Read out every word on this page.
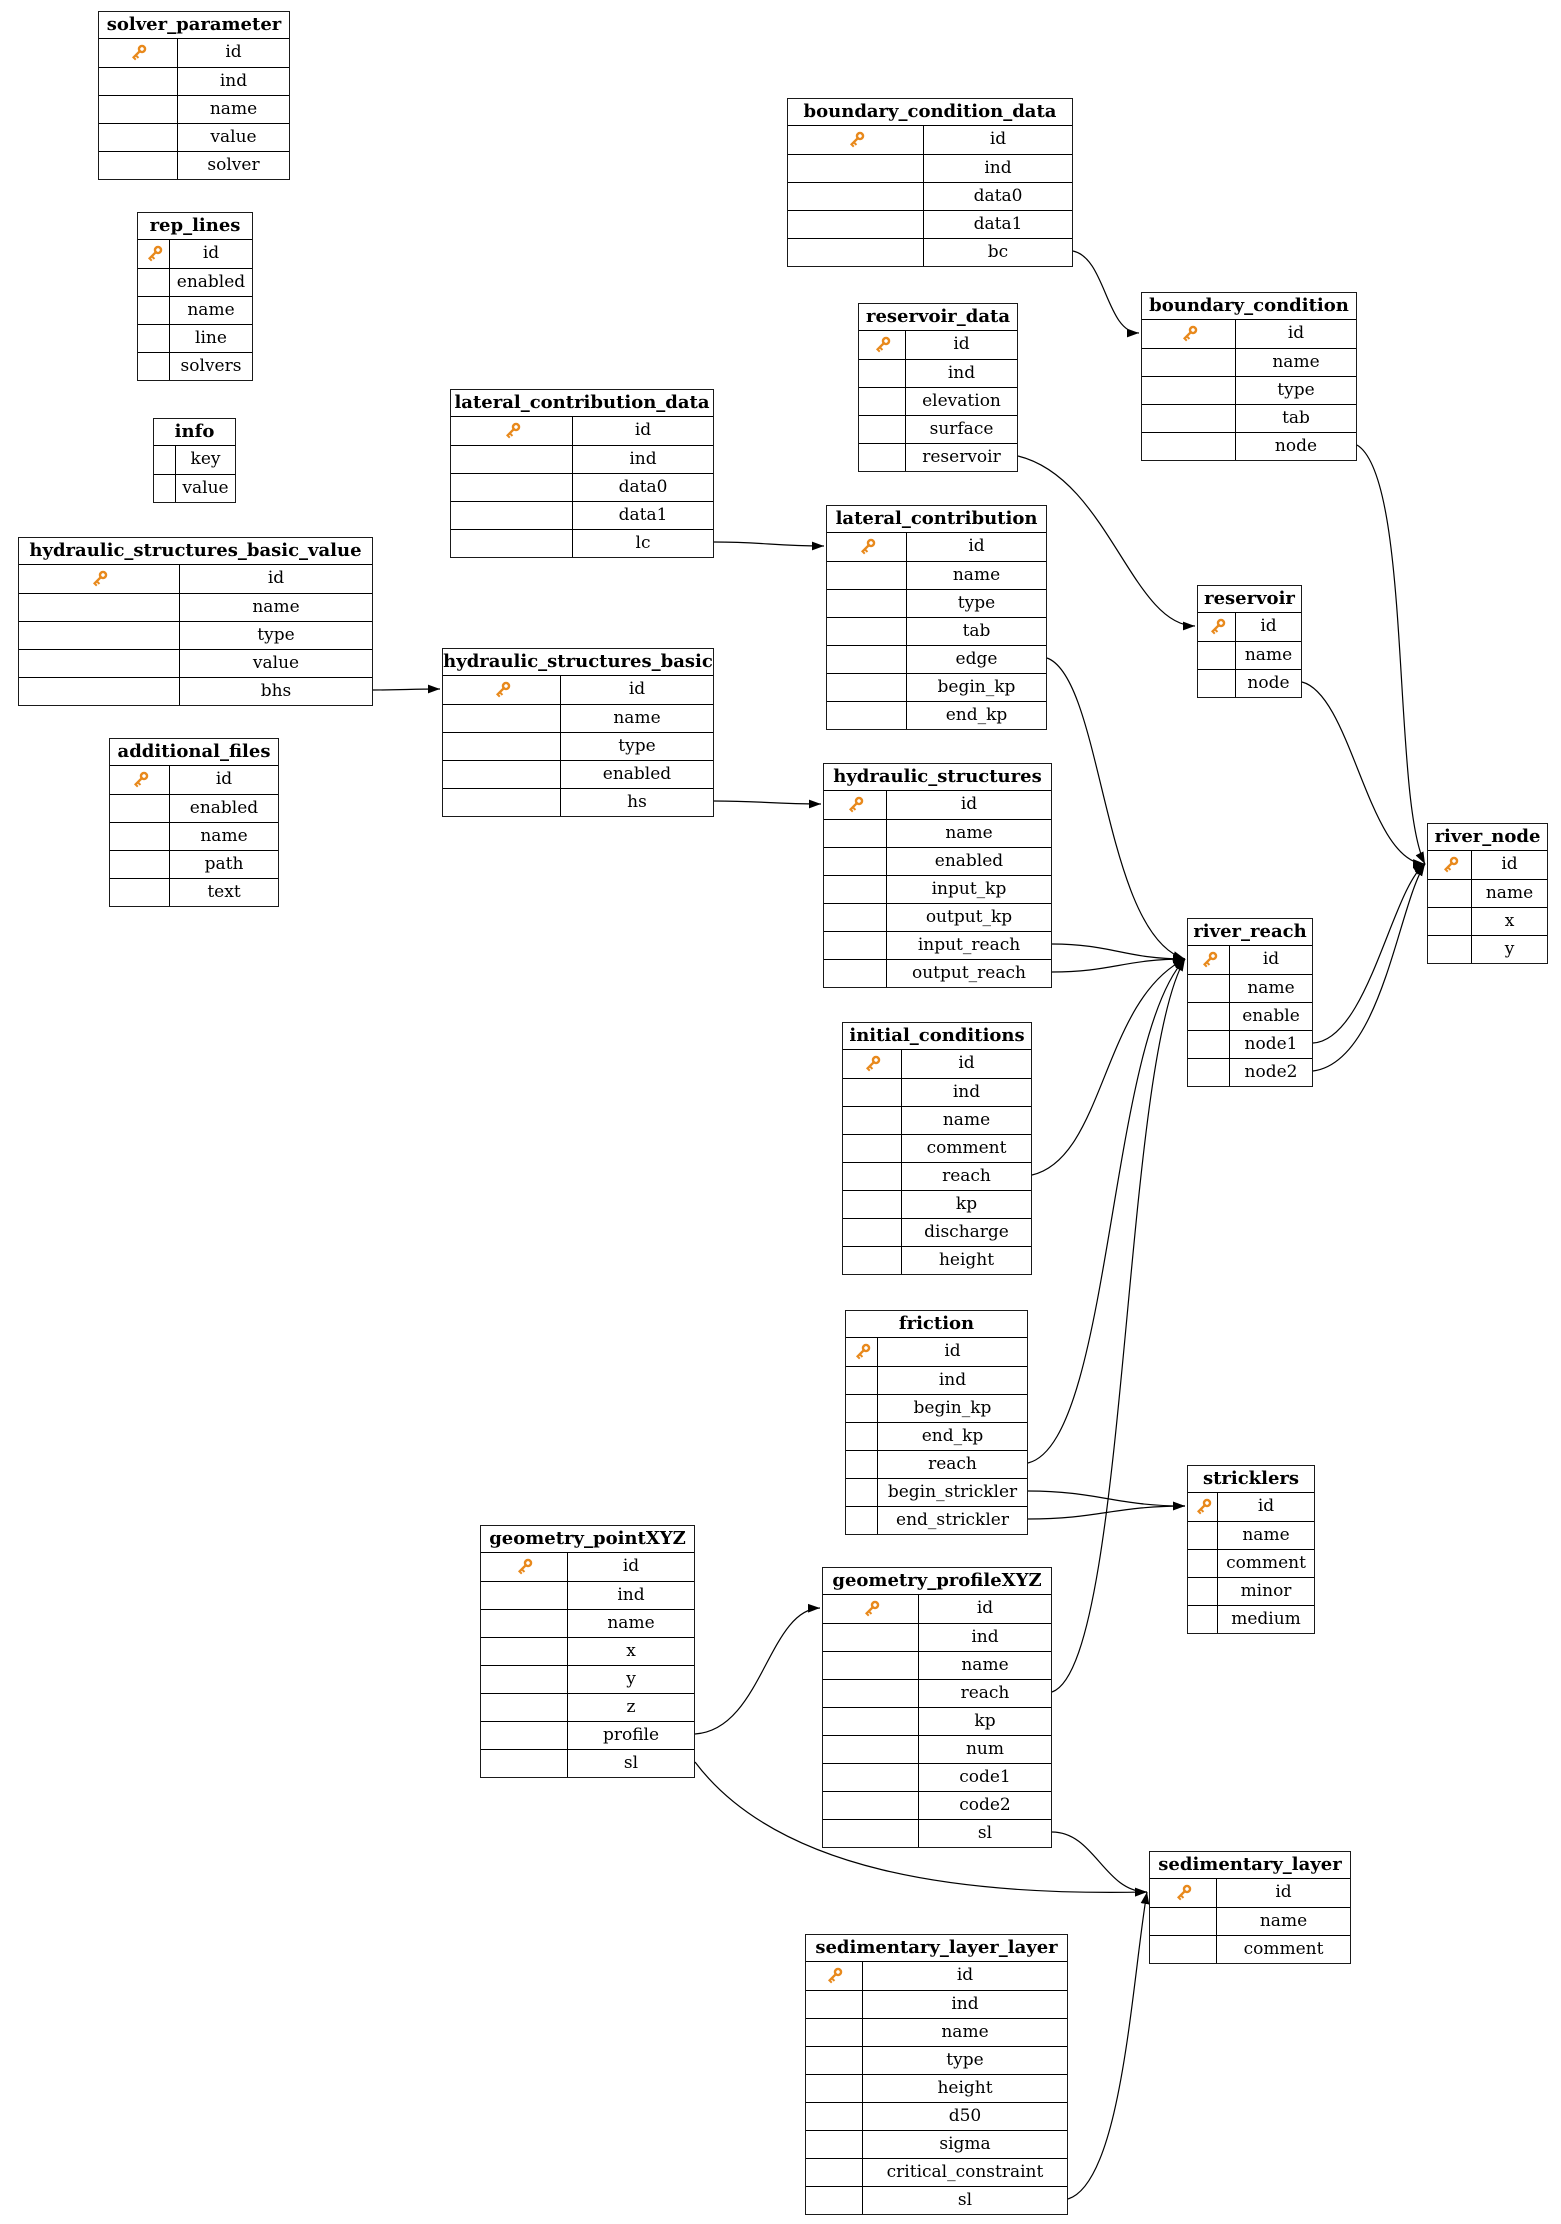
solver_parameter
id
ind
name
value
solver
rep_lines
id
enabled
name
line
solvers
info
key
value
hydraulic_structures_basic_value
id
name
type
value
bhs
additional_files
id
enabled
name
path
text
lateral_contribution_data
id
ind
data0
data1
lc
hydraulic_structures_basic
id
name
type
enabled
hs
boundary_condition_data
id
ind
data0
data1
bc
reservoir_data
id
ind
elevation
surface
reservoir
boundary_condition
id
name
type
tab
node
lateral_contribution
id
name
type
tab
edge
begin_kp
end_kp
reservoir
id
name
node
hydraulic_structures
id
name
enabled
input_kp
output_kp
input_reach
output_reach
river_reach
id
name
enable
node1
node2
river_node
id
name
x
y
initial_conditions
id
ind
name
comment
reach
kp
discharge
height
friction
id
ind
begin_kp
end_kp
reach
begin_strickler
end_strickler
stricklers
id
name
comment
minor
medium
geometry_pointXYZ
id
ind
name
x
y
z
profile
sl
geometry_profileXYZ
id
ind
name
reach
kp
num
code1
code2
sl
sedimentary_layer
id
name
comment
sedimentary_layer_layer
id
ind
name
type
height
d50
sigma
critical_constraint
sl
